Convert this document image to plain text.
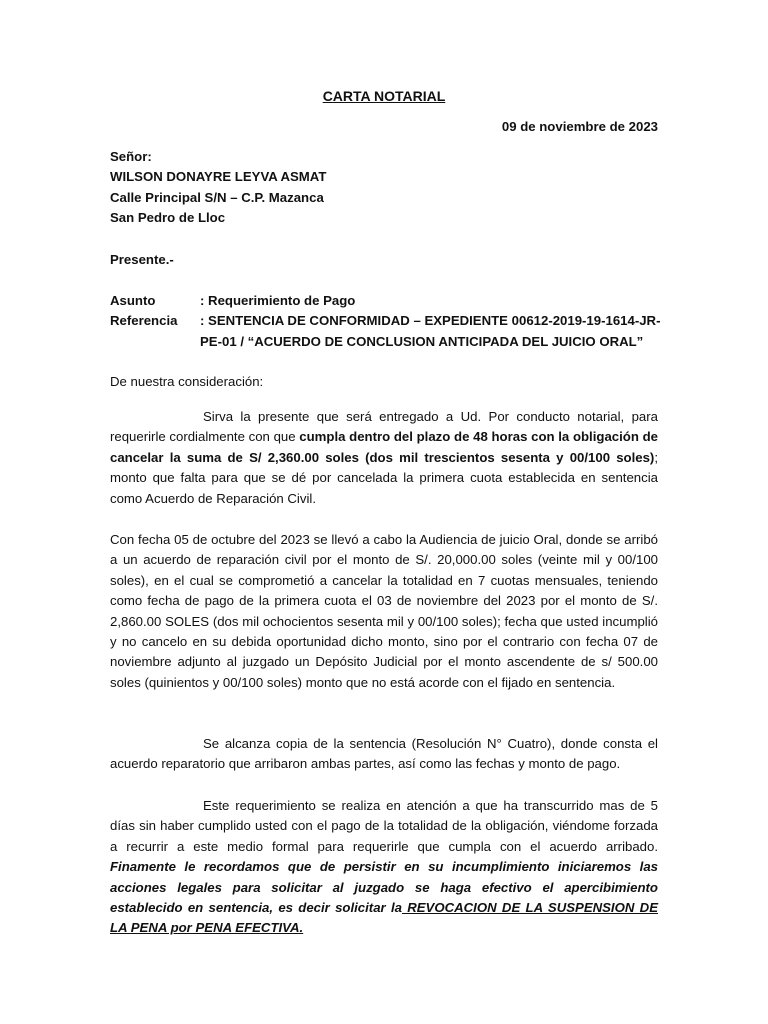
CARTA NOTARIAL
09 de noviembre de 2023
Señor:
WILSON DONAYRE LEYVA ASMAT
Calle Principal S/N – C.P. Mazanca
San Pedro de Lloc
Presente.-
Asunto	: Requerimiento de Pago
Referencia : SENTENCIA DE CONFORMIDAD – EXPEDIENTE 00612-2019-19-1614-JR-
PE-01 / “ACUERDO DE CONCLUSION ANTICIPADA DEL JUICIO ORAL”
De nuestra consideración:
Sirva la presente que será entregado a Ud. Por conducto notarial, para requerirle cordialmente con que cumpla dentro del plazo de 48 horas con la obligación de cancelar la suma de S/ 2,360.00 soles (dos mil trescientos sesenta y 00/100 soles); monto que falta para que se dé por cancelada la primera cuota establecida en sentencia como Acuerdo de Reparación Civil.
Con fecha 05 de octubre del 2023 se llevó a cabo la Audiencia de juicio Oral, donde se arribó a un acuerdo de reparación civil por el monto de S/. 20,000.00 soles (veinte mil y 00/100 soles), en el cual se comprometió a cancelar la totalidad en 7 cuotas mensuales, teniendo como fecha de pago de la primera cuota el 03 de noviembre del 2023 por el monto de S/. 2,860.00 SOLES (dos mil ochocientos sesenta mil y 00/100 soles); fecha que usted incumplió y no cancelo en su debida oportunidad dicho monto, sino por el contrario con fecha 07 de noviembre adjunto al juzgado un Depósito Judicial por el monto ascendente de s/ 500.00 soles (quinientos y 00/100 soles) monto que no está acorde con el fijado en sentencia.
Se alcanza copia de la sentencia (Resolución N° Cuatro), donde consta el acuerdo reparatorio que arribaron ambas partes, así como las fechas y monto de pago.
Este requerimiento se realiza en atención a que ha transcurrido mas de 5 días sin haber cumplido usted con el pago de la totalidad de la obligación, viéndome forzada a recurrir a este medio formal para requerirle que cumpla con el acuerdo arribado. Finamente le recordamos que de persistir en su incumplimiento iniciaremos las acciones legales para solicitar al juzgado se haga efectivo el apercibimiento establecido en sentencia, es decir solicitar la REVOCACION DE LA SUSPENSION DE LA PENA por PENA EFECTIVA.
